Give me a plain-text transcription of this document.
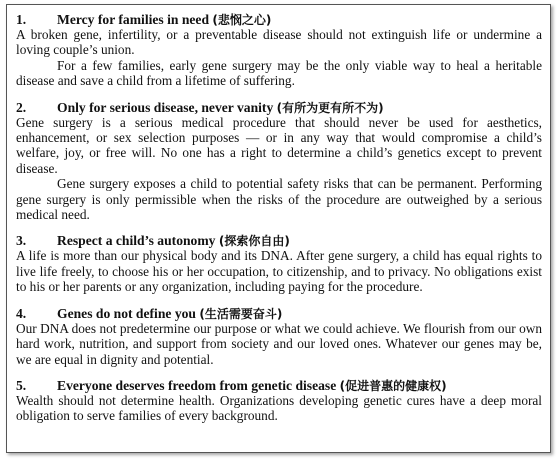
1. Mercy for families in need (悲悯之心)

A broken gene, infertility, or a preventable disease should not extinguish life or undermine a loving couple’s union.

For a few families, early gene surgery may be the only viable way to heal a heritable disease and save a child from a lifetime of suffering.

2. Only for serious disease, never vanity (有所为更有所不为)

Gene surgery is a serious medical procedure that should never be used for aesthetics, enhancement, or sex selection purposes — or in any way that would compromise a child’s welfare, joy, or free will. No one has a right to determine a child’s genetics except to prevent disease.

Gene surgery exposes a child to potential safety risks that can be permanent. Performing gene surgery is only permissible when the risks of the procedure are outweighed by a serious medical need.

3. Respect a child’s autonomy (探索你自由)

A life is more than our physical body and its DNA. After gene surgery, a child has equal rights to live life freely, to choose his or her occupation, to citizenship, and to privacy. No obligations exist to his or her parents or any organization, including paying for the procedure.

4. Genes do not define you (生活需要奋斗)

Our DNA does not predetermine our purpose or what we could achieve. We flourish from our own hard work, nutrition, and support from society and our loved ones. Whatever our genes may be, we are equal in dignity and potential.

5. Everyone deserves freedom from genetic disease (促进普惠的健康权)

Wealth should not determine health. Organizations developing genetic cures have a deep moral obligation to serve families of every background.
